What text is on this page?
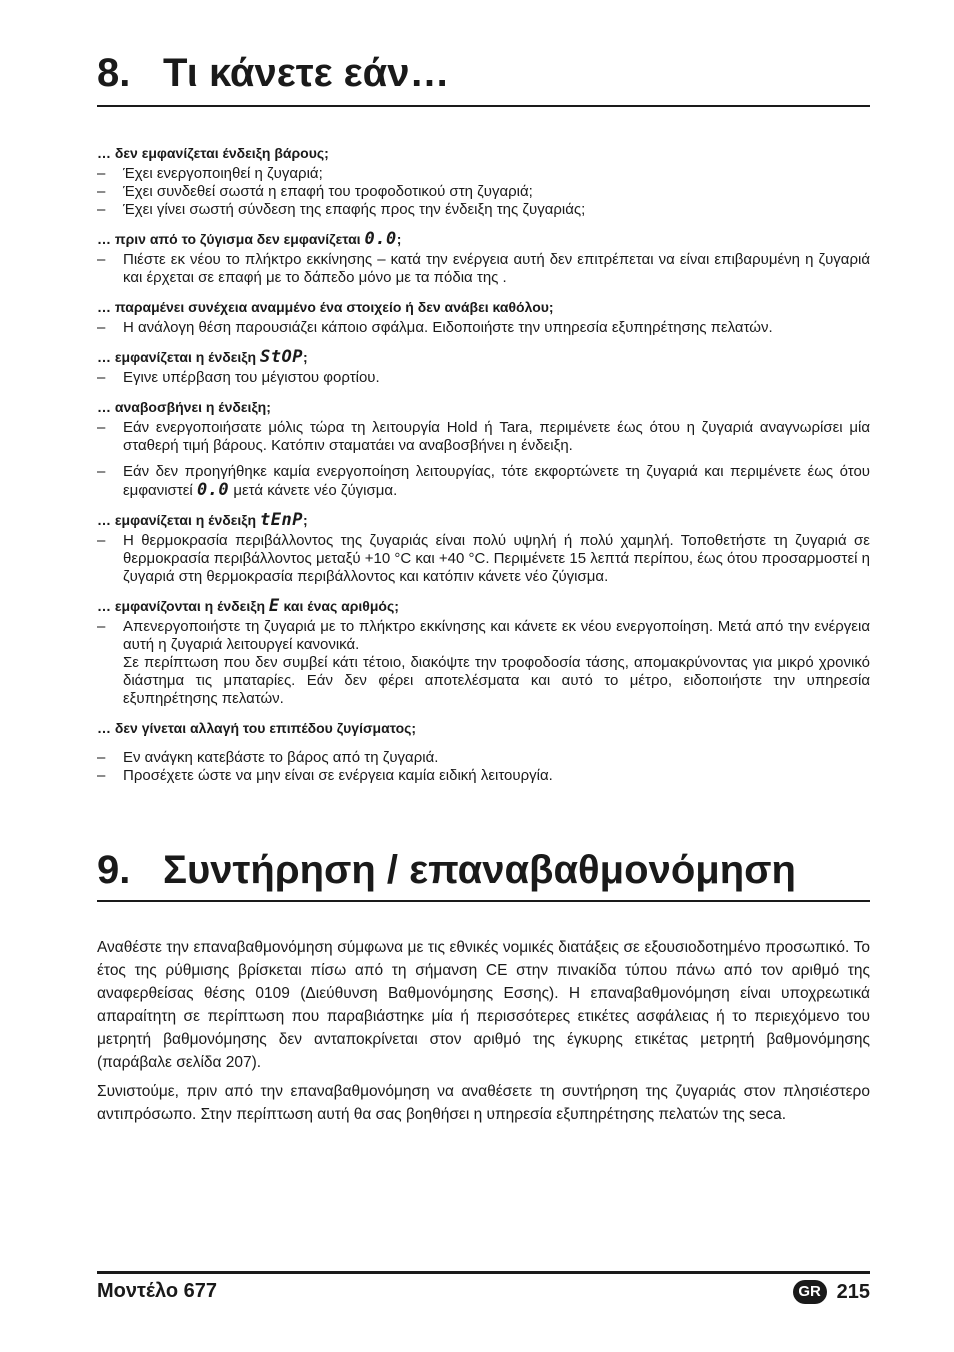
8. Τι κάνετε εάν…
… δεν εμφανίζεται ένδειξη βάρους;
–	Έχει ενεργοποιηθεί η ζυγαριά;
–	Έχει συνδεθεί σωστά η επαφή του τροφοδοτικού στη ζυγαριά;
–	Έχει γίνει σωστή σύνδεση της επαφής προς την ένδειξη της ζυγαριάς;
… πριν από το ζύγισμα δεν εμφανίζεται 0.0;
–	Πιέστε εκ νέου το πλήκτρο εκκίνησης – κατά την ενέργεια αυτή δεν επιτρέπεται να είναι επιβαρυμένη η ζυγαριά και έρχεται σε επαφή με το δάπεδο μόνο με τα πόδια της .
… παραμένει συνέχεια αναμμένο ένα στοιχείο ή δεν ανάβει καθόλου;
–	Η ανάλογη θέση παρουσιάζει κάποιο σφάλμα. Ειδοποιήστε την υπηρεσία εξυπηρέτησης πελατών.
… εμφανίζεται η ένδειξη StOP;
–	Εγινε υπέρβαση του μέγιστου φορτίου.
… αναβοσβήνει η ένδειξη;
–	Εάν ενεργοποιήσατε μόλις τώρα τη λειτουργία Hold ή Tara, περιμένετε έως ότου η ζυγαριά αναγνωρίσει μία σταθερή τιμή βάρους. Κατόπιν σταματάει να αναβοσβήνει η ένδειξη.
–	Εάν δεν προηγήθηκε καμία ενεργοποίηση λειτουργίας, τότε εκφορτώνετε τη ζυγαριά και περιμένετε έως ότου εμφανιστεί 0.0 μετά κάνετε νέο ζύγισμα.
… εμφανίζεται η ένδειξη tEnP;
–	Η θερμοκρασία περιβάλλοντος της ζυγαριάς είναι πολύ υψηλή ή πολύ χαμηλή. Τοποθετήστε τη ζυγαριά σε θερμοκρασία περιβάλλοντος μεταξύ +10 °C και +40 °C. Περιμένετε 15 λεπτά περίπου, έως ότου προσαρμοστεί η ζυγαριά στη θερμοκρασία περιβάλλοντος και κατόπιν κάνετε νέο ζύγισμα.
… εμφανίζονται η ένδειξη E και ένας αριθμός;
–	Απενεργοποιήστε τη ζυγαριά με το πλήκτρο εκκίνησης και κάνετε εκ νέου ενεργοποίηση. Μετά από την ενέργεια αυτή η ζυγαριά λειτουργεί κανονικά.
Σε περίπτωση που δεν συμβεί κάτι τέτοιο, διακόψτε την τροφοδοσία τάσης, απομακρύνοντας για μικρό χρονικό διάστημα τις μπαταρίες. Εάν δεν φέρει αποτελέσματα και αυτό το μέτρο, ειδοποιήστε την υπηρεσία εξυπηρέτησης πελατών.
… δεν γίνεται αλλαγή του επιπέδου ζυγίσματος;
–	Εν ανάγκη κατεβάστε το βάρος από τη ζυγαριά.
–	Προσέχετε ώστε να μην είναι σε ενέργεια καμία ειδική λειτουργία.
9. Συντήρηση / επαναβαθμονόμηση

Αναθέστε την επαναβαθμονόμηση σύμφωνα με τις εθνικές νομικές διατάξεις σε εξουσιοδοτημένο προσωπικό. Το έτος της ρύθμισης βρίσκεται πίσω από τη σήμανση CE στην πινακίδα τύπου πάνω από τον αριθμό της αναφερθείσας θέσης 0109 (Διεύθυνση Βαθμονόμησης Εσσης). Η επαναβαθμονόμηση είναι υποχρεωτικά απαραίτητη σε περίπτωση που παραβιάστηκε μία ή περισσότερες ετικέτες ασφάλειας ή το περιεχόμενο του μετρητή βαθμονόμησης δεν ανταποκρίνεται στον αριθμό της έγκυρης ετικέτας μετρητή βαθμονόμησης (παράβαλε σελίδα 207).

Συνιστούμε, πριν από την επαναβαθμονόμηση να αναθέσετε τη συντήρηση της ζυγαριάς στον πλησιέστερο αντιπρόσωπο. Στην περίπτωση αυτή θα σας βοηθήσει η υπηρεσία εξυπηρέτησης πελατών της seca.

Μοντέλο 677	GR 215
